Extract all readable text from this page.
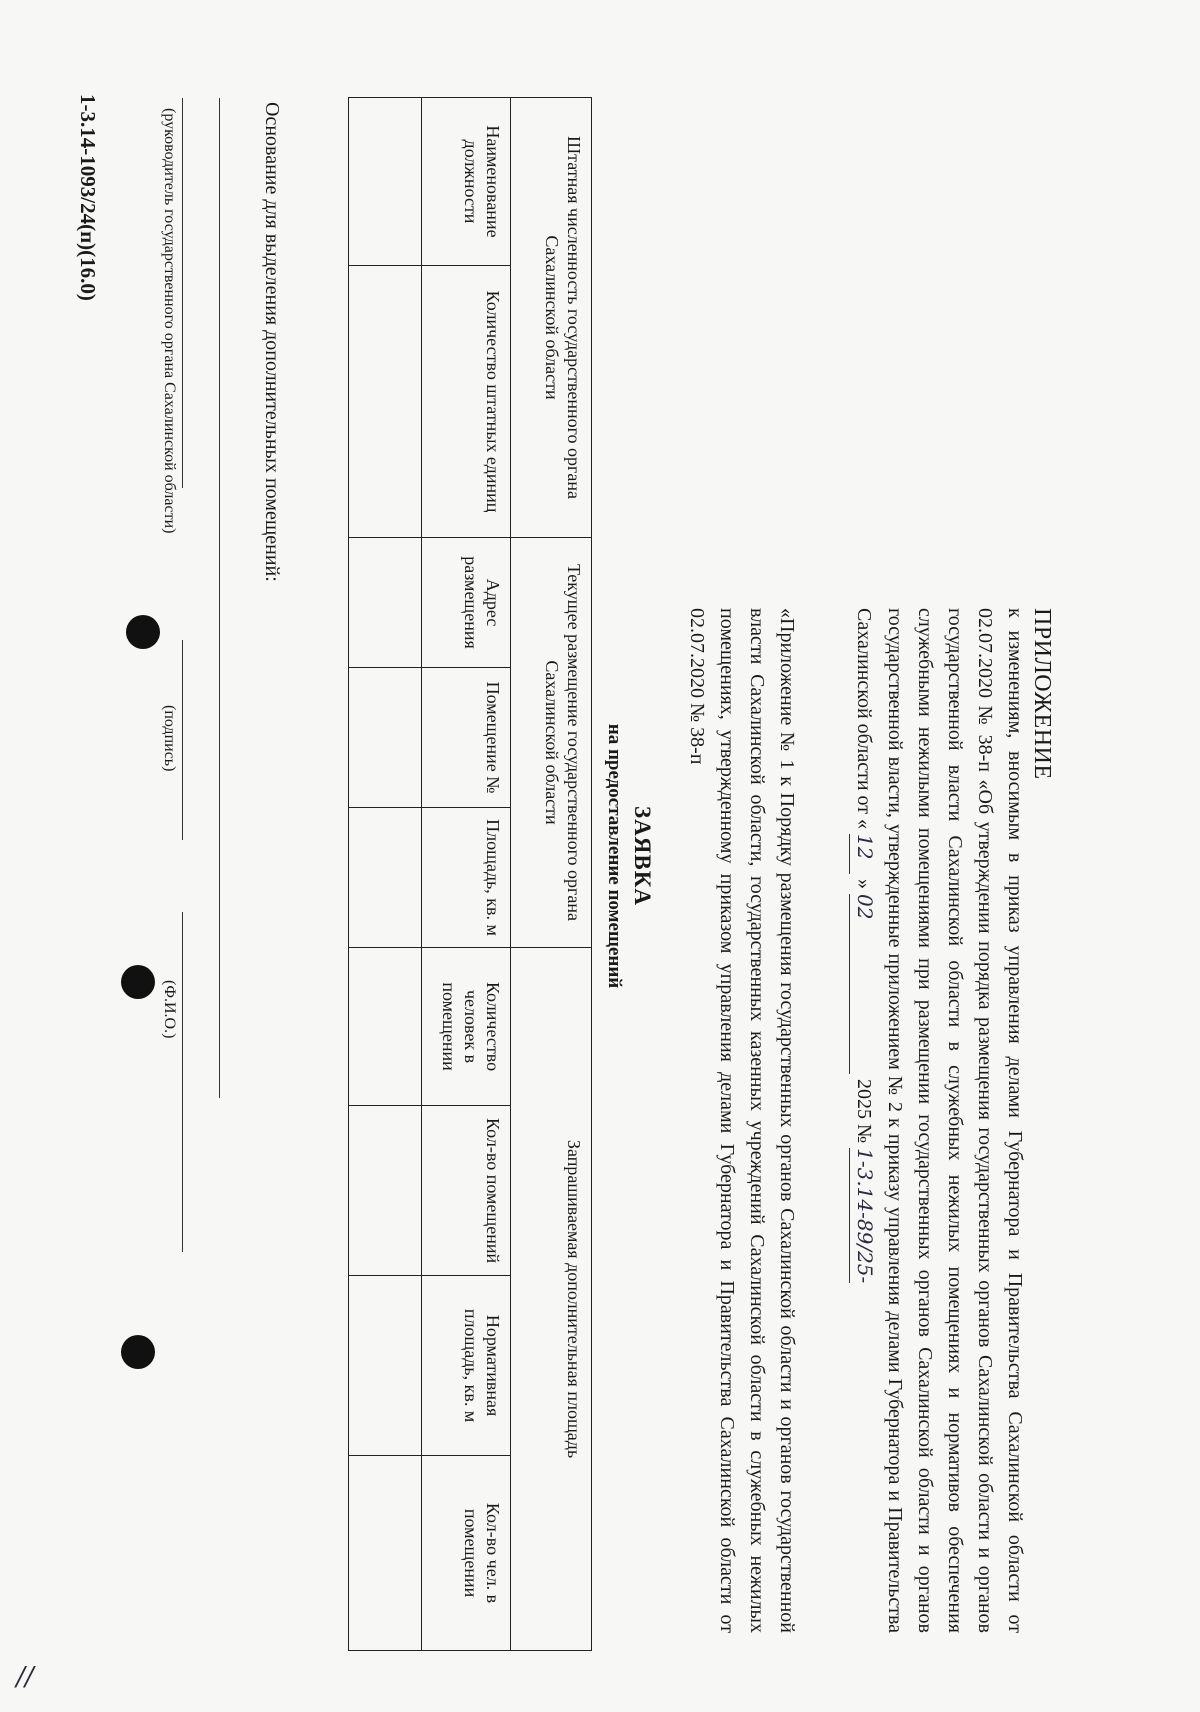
ПРИЛОЖЕНИЕ
к изменениям, вносимым в приказ управления делами Губернатора и Правительства Сахалинской области от 02.07.2020 № 38-п «Об утверждении порядка размещения государственных органов Сахалинской области и органов государственной власти Сахалинской области в служебных нежилых помещениях и нормативов обеспечения служебными нежилыми помещениями при размещении государственных органов Сахалинской области и органов государственной власти, утвержденные приложением № 2 к приказу управления делами Губернатора и Правительства Сахалинской области от « 12 » 02 2025 № 1-3.14-89/25-
«Приложение № 1 к Порядку размещения государственных органов Сахалинской области и органов государственной власти Сахалинской области, государственных казенных учреждений Сахалинской области в служебных нежилых помещениях, утвержденному приказом управления делами Губернатора и Правительства Сахалинской области от 02.07.2020 № 38-п
ЗАЯВКА
на предоставление помещений
Штатная численность государственного органа Сахалинской области		Текущее размещение государственного органа Сахалинской области			Запрашиваемая дополнительная площадь			
Наименование должности	Количество штатных единиц	Адрес размещения	Помещение №	Площадь, кв. м	Количество человек в помещении	Кол-во помещений	Нормативная площадь, кв. м	Кол-во чел. в помещении

Основание для выделения дополнительных помещений:
(руководитель государственного органа Сахалинской области)
(подпись)
(Ф.И.О.)
1-3.14-1093/24(п)(16.0)
//
